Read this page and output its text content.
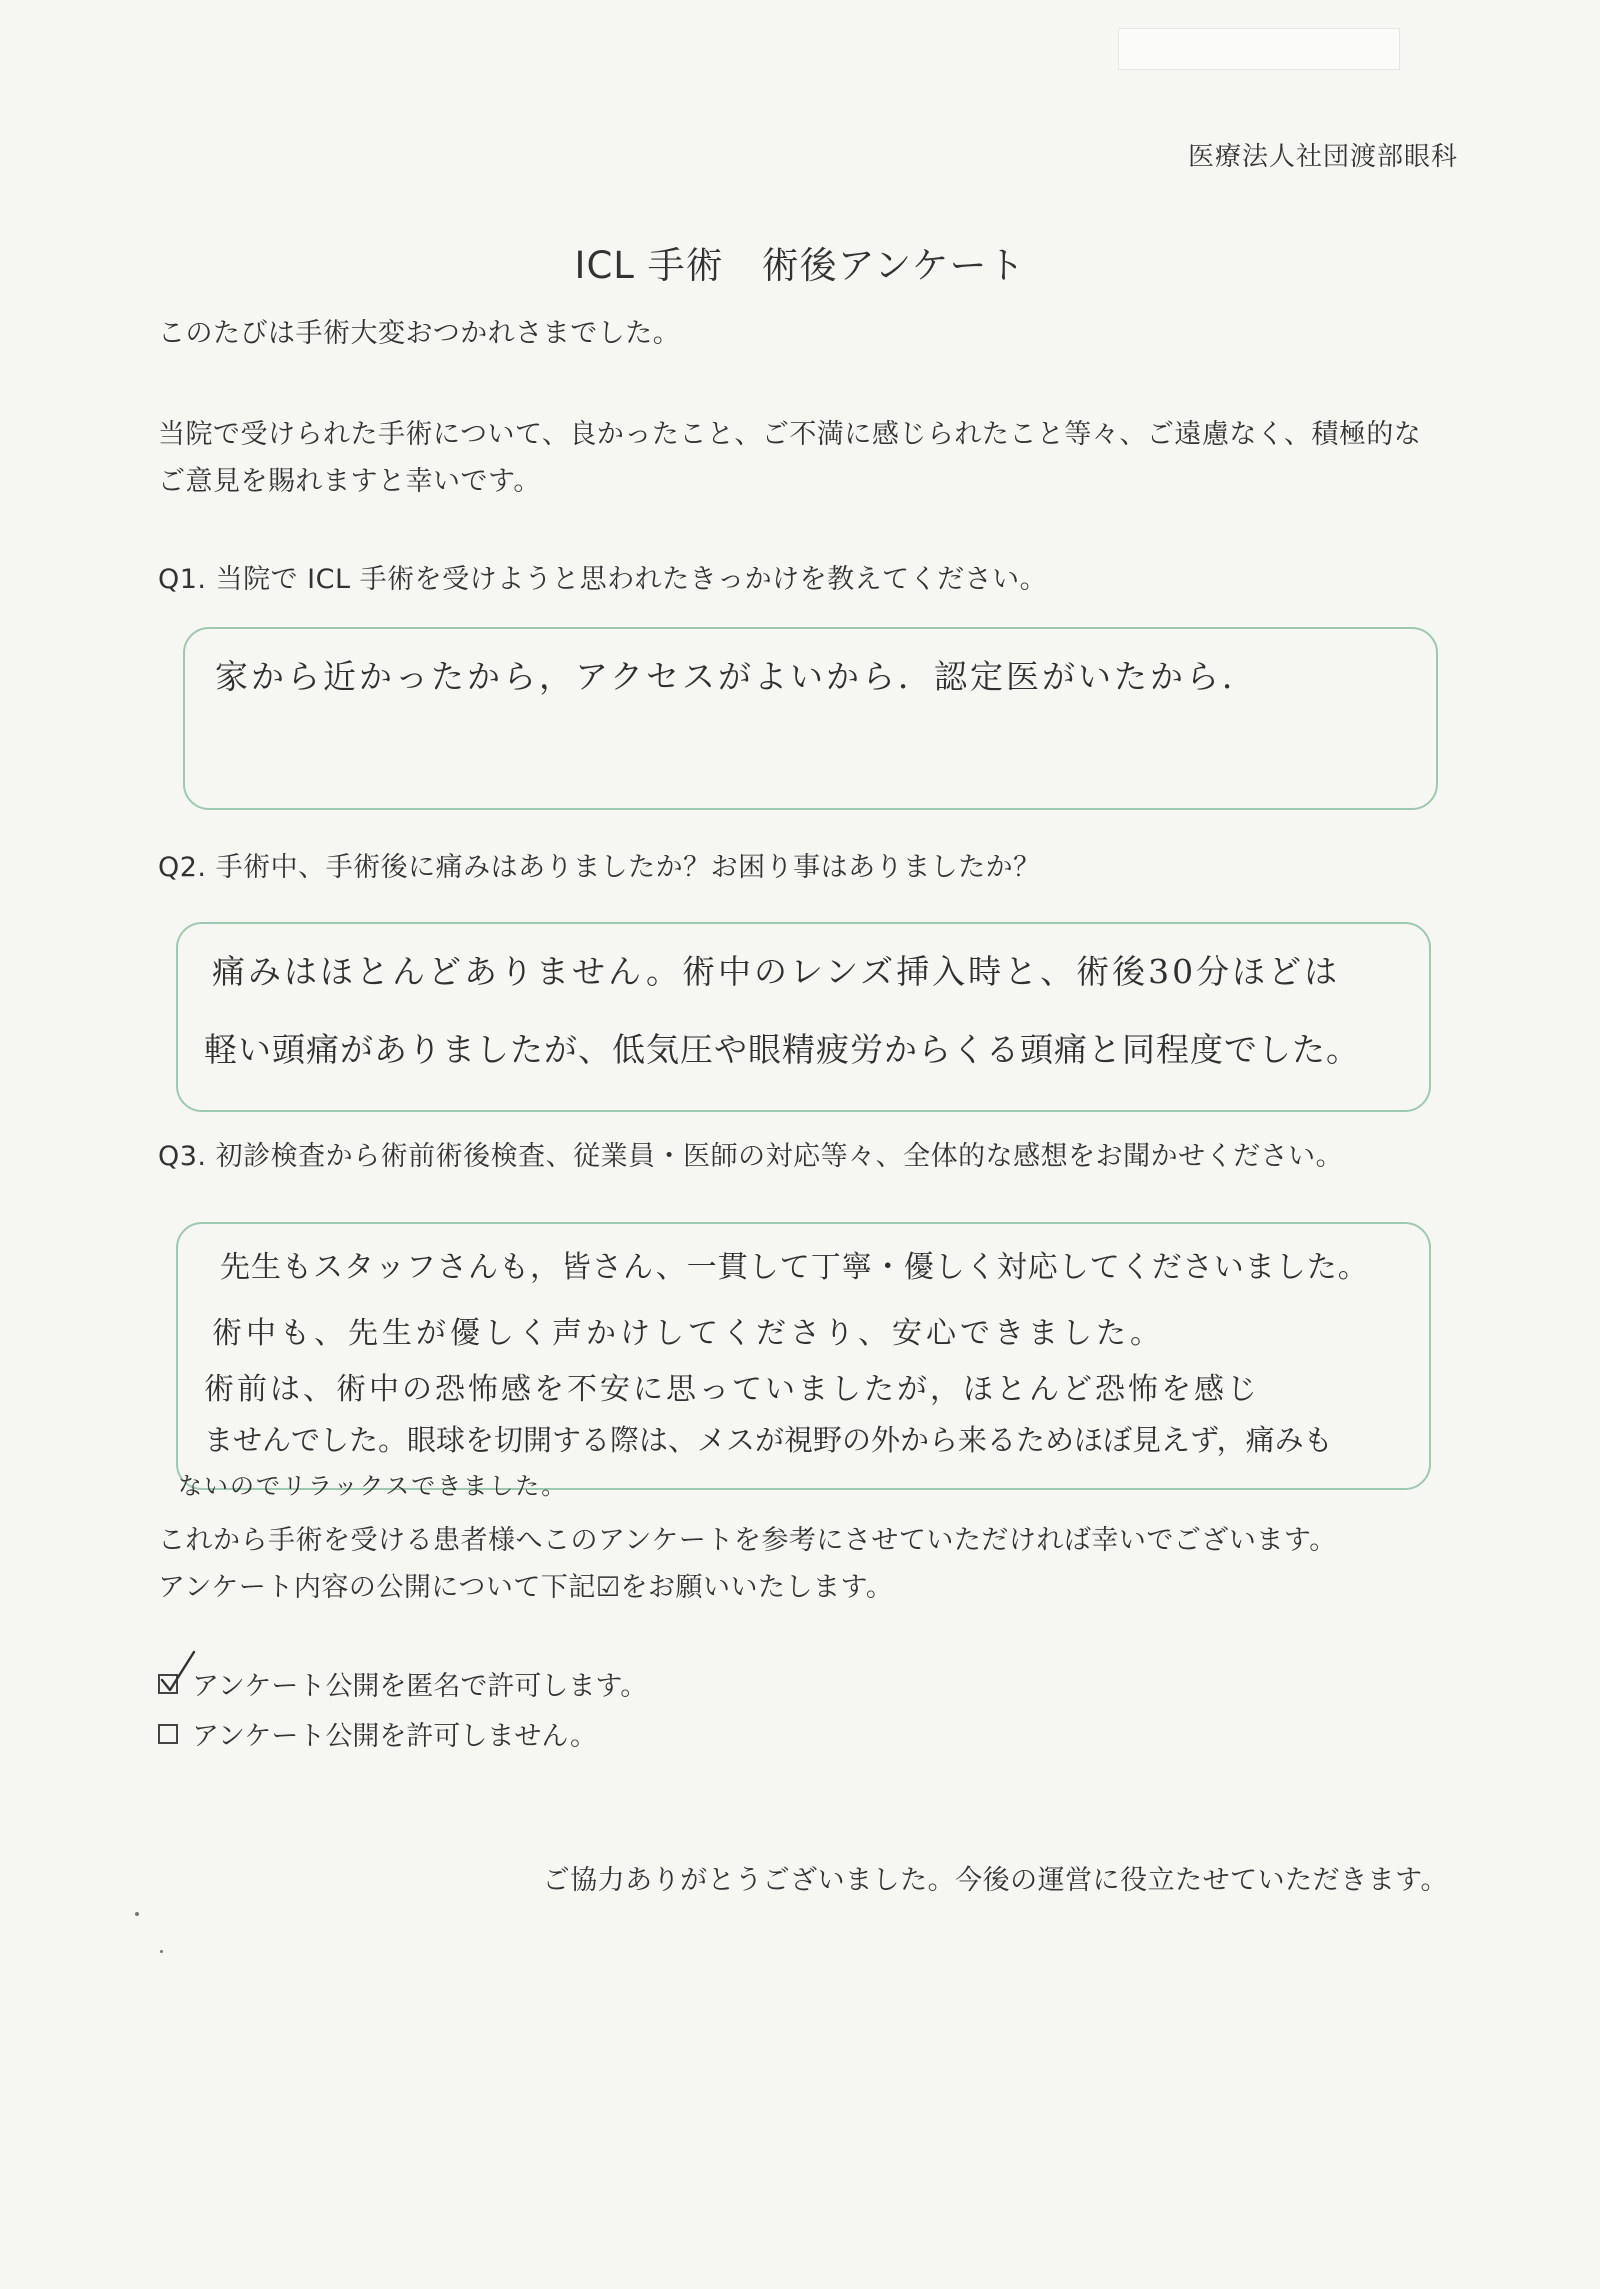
医療法人社団渡部眼科
ICL 手術　術後アンケート
このたびは手術大変おつかれさまでした。
当院で受けられた手術について、良かったこと、ご不満に感じられたこと等々、ご遠慮なく、積極的な
ご意見を賜れますと幸いです。
Q1. 当院で ICL 手術を受けようと思われたきっかけを教えてください。
家から近かったから，アクセスがよいから．認定医がいたから．
Q2. 手術中、手術後に痛みはありましたか？お困り事はありましたか？
痛みはほとんどありません。術中のレンズ挿入時と、術後30分ほどは
軽い頭痛がありましたが、低気圧や眼精疲労からくる頭痛と同程度でした。
Q3. 初診検査から術前術後検査、従業員・医師の対応等々、全体的な感想をお聞かせください。
先生もスタッフさんも，皆さん、一貫して丁寧・優しく対応してくださいました。
術中も、先生が優しく声かけしてくださり、安心できました。
術前は、術中の恐怖感を不安に思っていましたが，ほとんど恐怖を感じ
ませんでした。眼球を切開する際は、メスが視野の外から来るためほぼ見えず，痛みも
ないのでリラックスできました。
これから手術を受ける患者様へこのアンケートを参考にさせていただければ幸いでございます。
アンケート内容の公開について下記☑をお願いいたします。
アンケート公開を匿名で許可します。
アンケート公開を許可しません。
ご協力ありがとうございました。今後の運営に役立たせていただきます。
